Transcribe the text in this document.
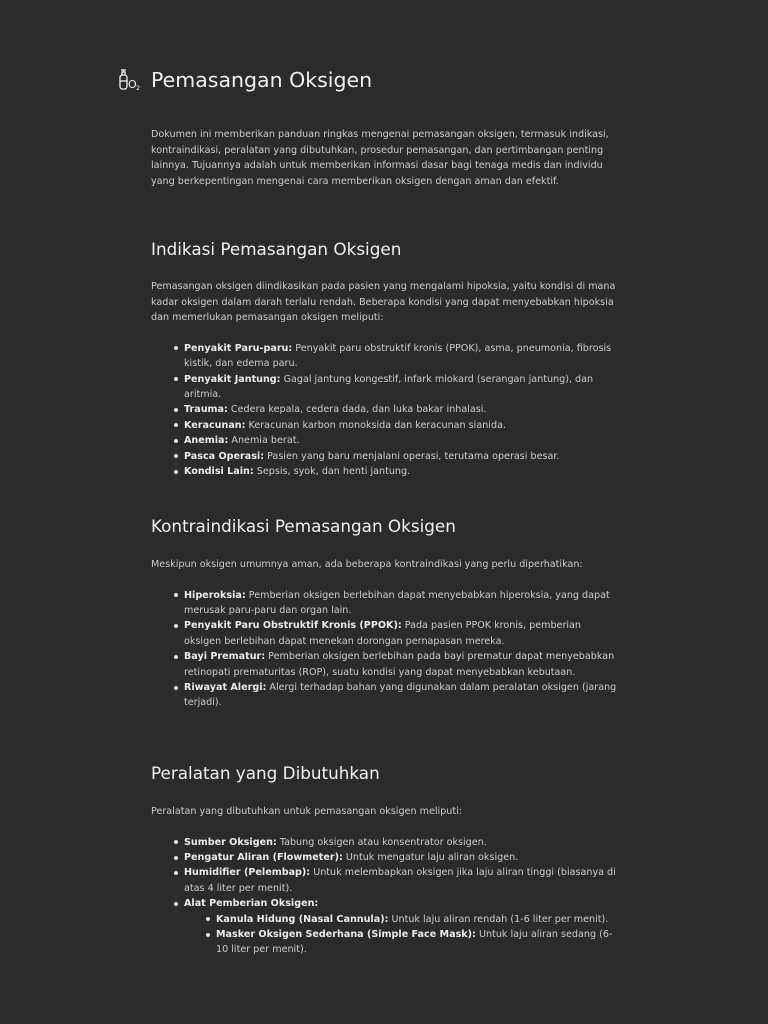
O 2 Pemasangan Oksigen

Dokumen ini memberikan panduan ringkas mengenai pemasangan oksigen, termasuk indikasi, kontraindikasi, peralatan yang dibutuhkan, prosedur pemasangan, dan pertimbangan penting lainnya. Tujuannya adalah untuk memberikan informasi dasar bagi tenaga medis dan individu yang berkepentingan mengenai cara memberikan oksigen dengan aman dan efektif.

Indikasi Pemasangan Oksigen

Pemasangan oksigen diindikasikan pada pasien yang mengalami hipoksia, yaitu kondisi di mana kadar oksigen dalam darah terlalu rendah. Beberapa kondisi yang dapat menyebabkan hipoksia dan memerlukan pemasangan oksigen meliputi:

Penyakit Paru-paru: Penyakit paru obstruktif kronis (PPOK), asma, pneumonia, fibrosis kistik, dan edema paru.
Penyakit Jantung: Gagal jantung kongestif, infark miokard (serangan jantung), dan aritmia.
Trauma: Cedera kepala, cedera dada, dan luka bakar inhalasi.
Keracunan: Keracunan karbon monoksida dan keracunan sianida.
Anemia: Anemia berat.
Pasca Operasi: Pasien yang baru menjalani operasi, terutama operasi besar.
Kondisi Lain: Sepsis, syok, dan henti jantung.
Kontraindikasi Pemasangan Oksigen

Meskipun oksigen umumnya aman, ada beberapa kontraindikasi yang perlu diperhatikan:

Hiperoksia: Pemberian oksigen berlebihan dapat menyebabkan hiperoksia, yang dapat merusak paru-paru dan organ lain.
Penyakit Paru Obstruktif Kronis (PPOK): Pada pasien PPOK kronis, pemberian oksigen berlebihan dapat menekan dorongan pernapasan mereka.
Bayi Prematur: Pemberian oksigen berlebihan pada bayi prematur dapat menyebabkan retinopati prematuritas (ROP), suatu kondisi yang dapat menyebabkan kebutaan.
Riwayat Alergi: Alergi terhadap bahan yang digunakan dalam peralatan oksigen (jarang terjadi).
Peralatan yang Dibutuhkan

Peralatan yang dibutuhkan untuk pemasangan oksigen meliputi:

Sumber Oksigen: Tabung oksigen atau konsentrator oksigen.
Pengatur Aliran (Flowmeter): Untuk mengatur laju aliran oksigen.
Humidifier (Pelembap): Untuk melembapkan oksigen jika laju aliran tinggi (biasanya di atas 4 liter per menit).
Alat Pemberian Oksigen:
Kanula Hidung (Nasal Cannula): Untuk laju aliran rendah (1-6 liter per menit).
Masker Oksigen Sederhana (Simple Face Mask): Untuk laju aliran sedang (6-10 liter per menit).
